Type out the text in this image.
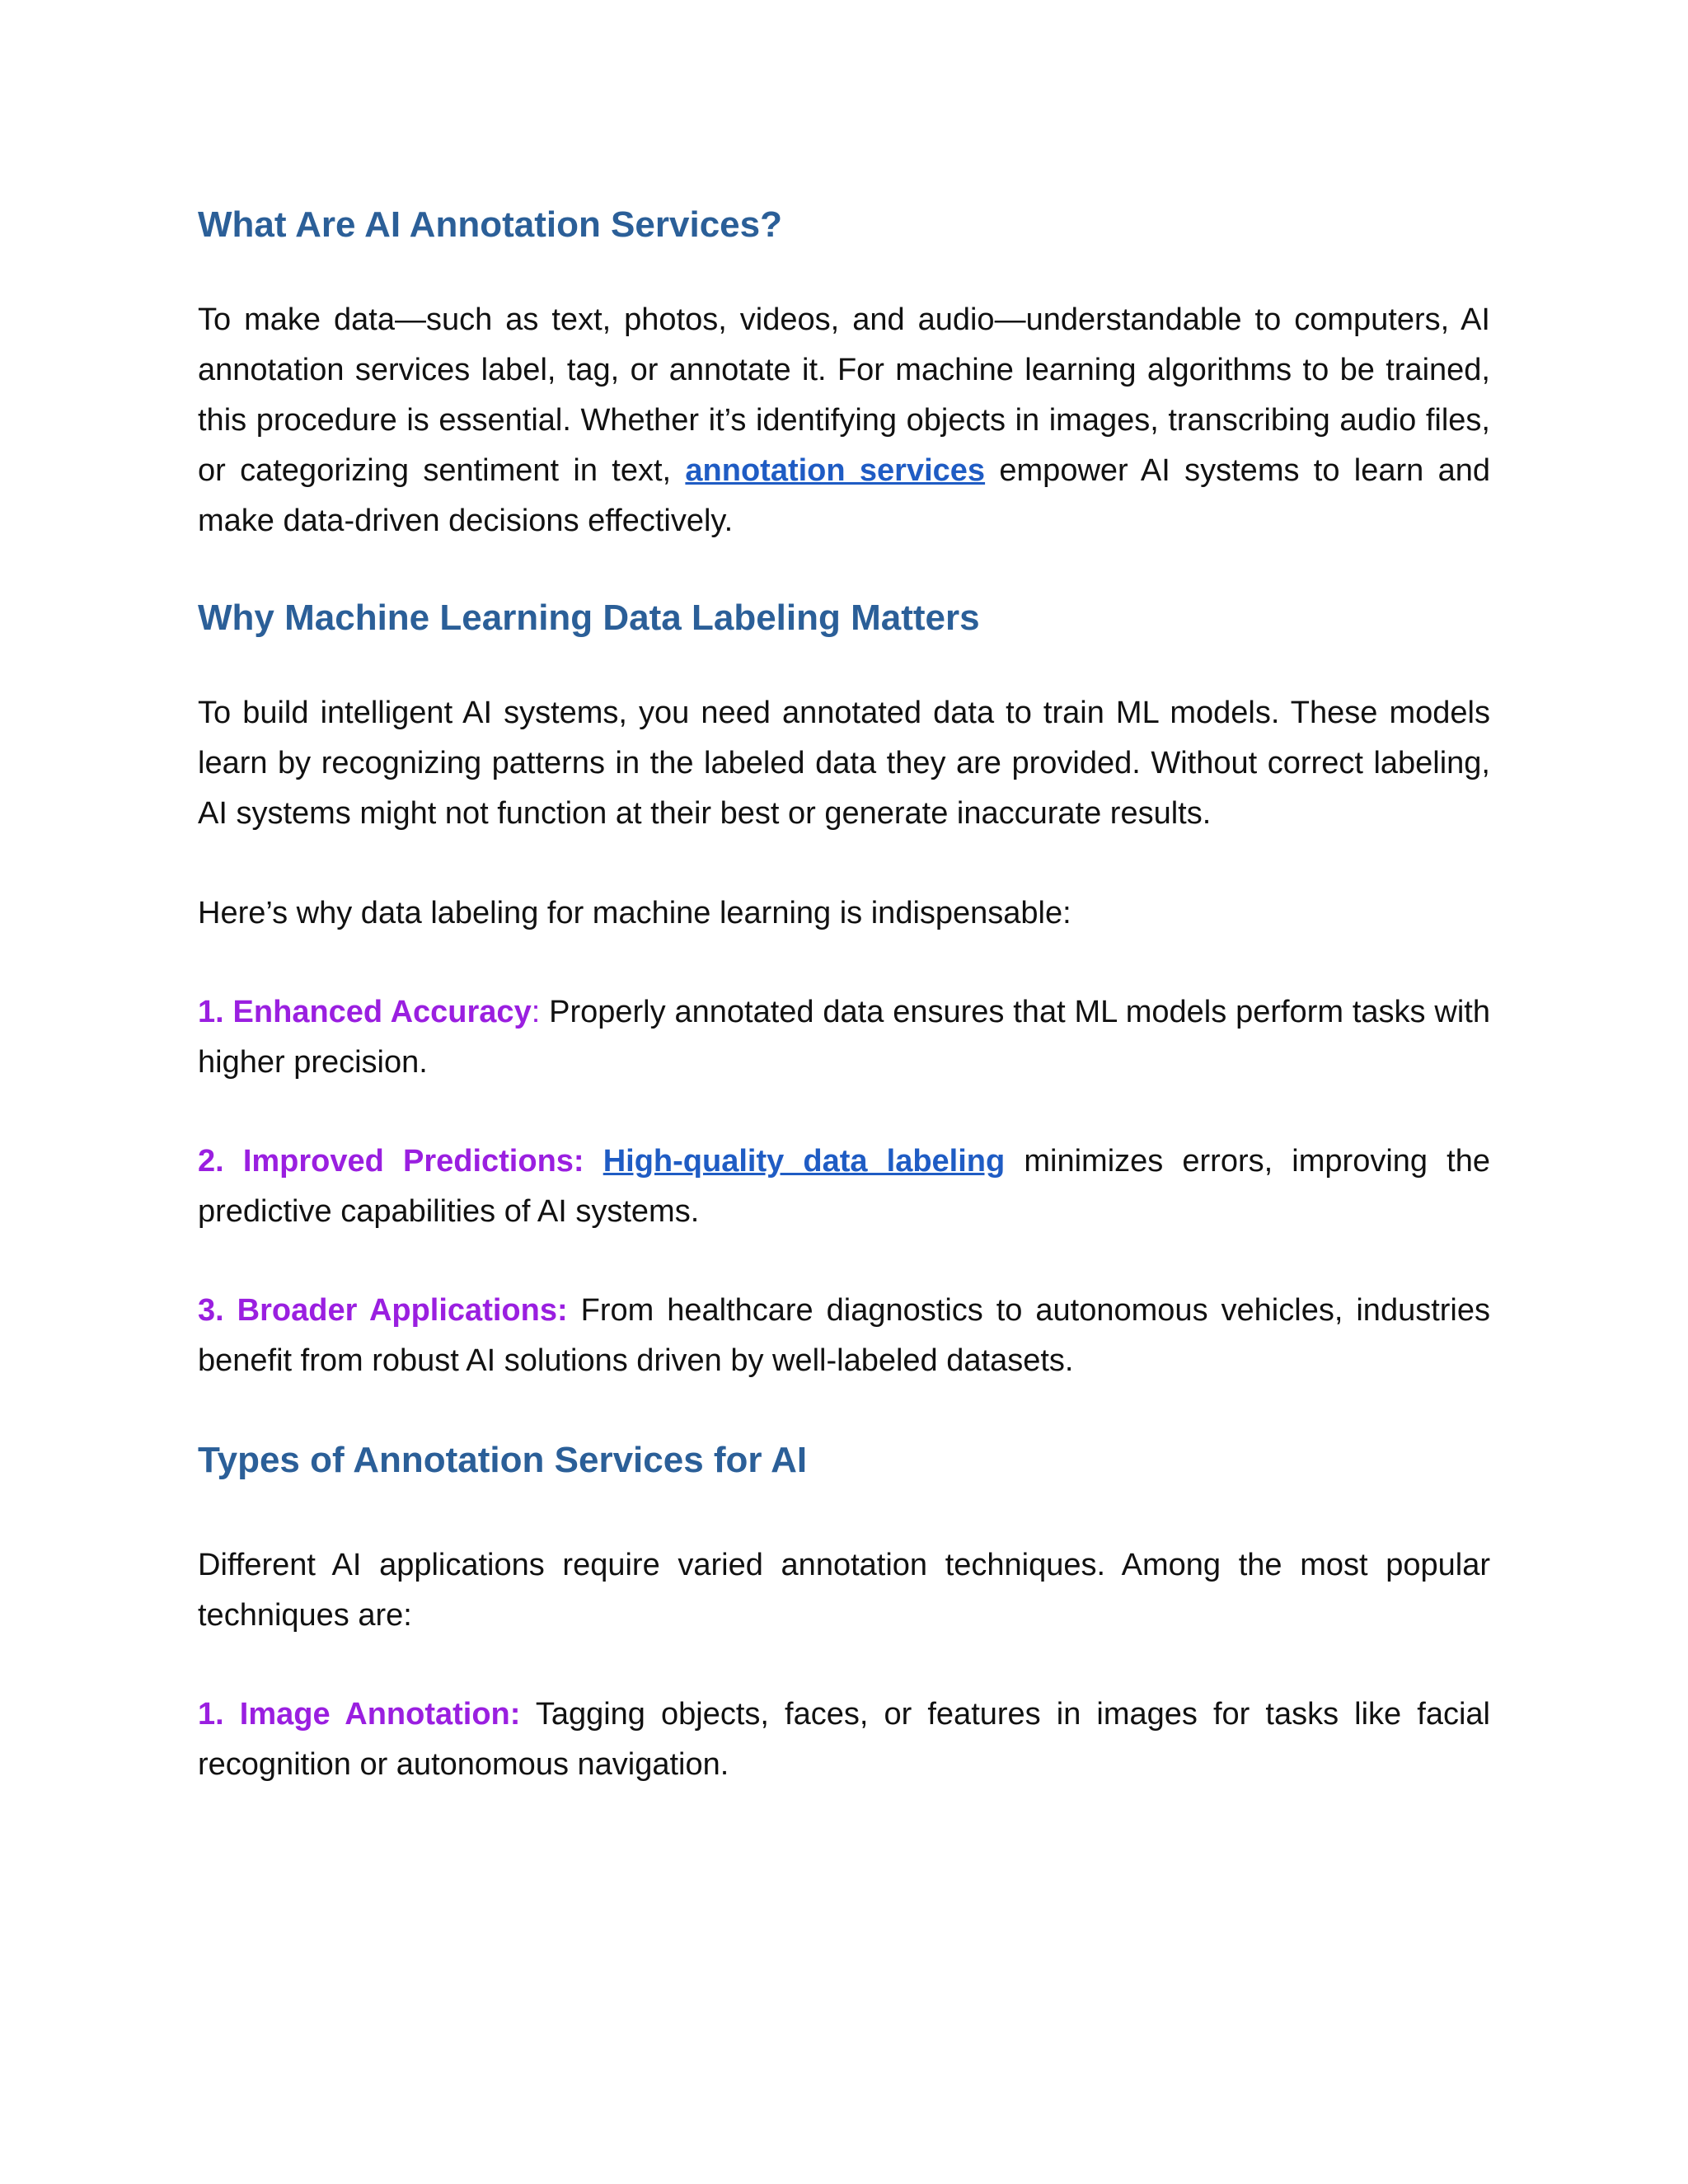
What Are AI Annotation Services?

To make data—such as text, photos, videos, and audio—understandable to computers, AI annotation services label, tag, or annotate it. For machine learning algorithms to be trained, this procedure is essential. Whether it’s identifying objects in images, transcribing audio files, or categorizing sentiment in text, annotation services empower AI systems to learn and make data-driven decisions effectively.

Why Machine Learning Data Labeling Matters

To build intelligent AI systems, you need annotated data to train ML models. These models learn by recognizing patterns in the labeled data they are provided. Without correct labeling, AI systems might not function at their best or generate inaccurate results.

Here’s why data labeling for machine learning is indispensable:

1. Enhanced Accuracy: Properly annotated data ensures that ML models perform tasks with higher precision.

2. Improved Predictions: High-quality data labeling minimizes errors, improving the predictive capabilities of AI systems.

3. Broader Applications: From healthcare diagnostics to autonomous vehicles, industries benefit from robust AI solutions driven by well-labeled datasets.

Types of Annotation Services for AI

Different AI applications require varied annotation techniques. Among the most popular techniques are:

1. Image Annotation: Tagging objects, faces, or features in images for tasks like facial recognition or autonomous navigation.
